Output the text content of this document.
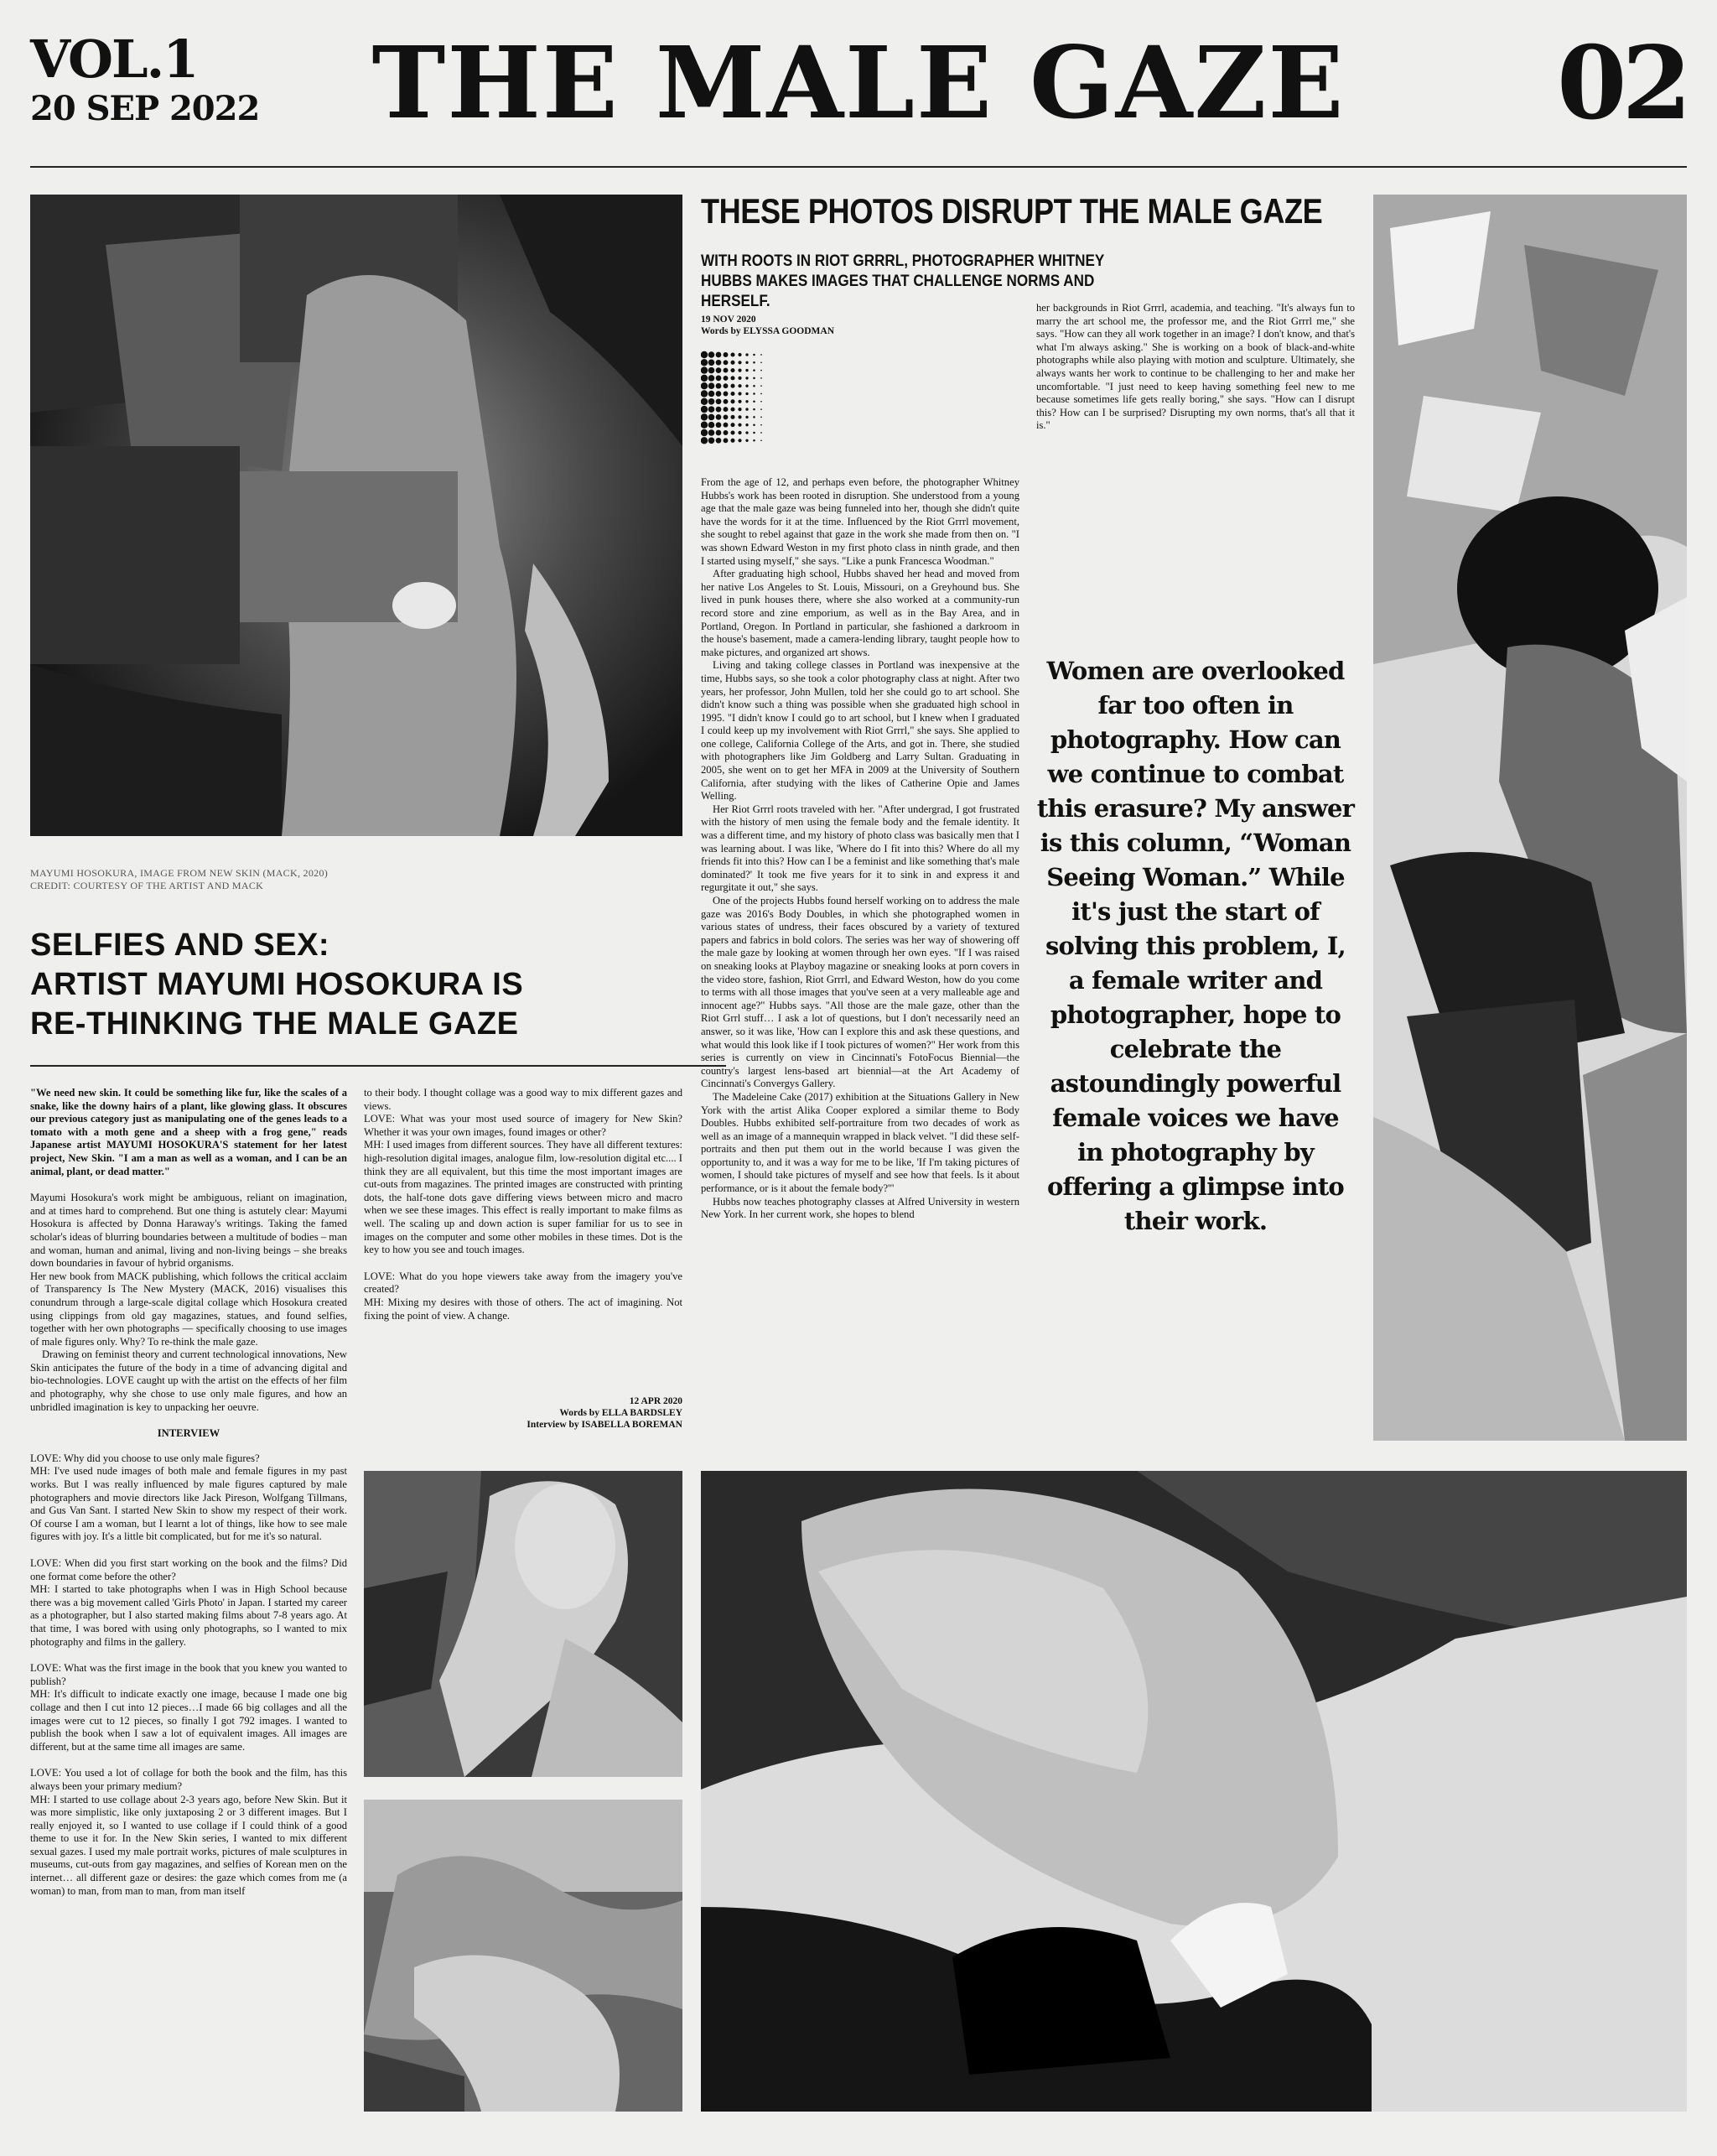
VOL.1
20 SEP 2022	THE MALE GAZE	02
MAYUMI HOSOKURA, IMAGE FROM NEW SKIN (MACK, 2020)
CREDIT: COURTESY OF THE ARTIST AND MACK
SELFIES AND SEX:
ARTIST MAYUMI HOSOKURA IS
RE-THINKING THE MALE GAZE

"We need new skin. It could be something like fur, like the scales of a snake, like the downy hairs of a plant, like glowing glass. It obscures our previous category just as manipulating one of the genes leads to a tomato with a moth gene and a sheep with a frog gene," reads Japanese artist MAYUMI HOSOKURA'S statement for her latest project, New Skin. "I am a man as well as a woman, and I can be an animal, plant, or dead matter."

Mayumi Hosokura's work might be ambiguous, reliant on imagination, and at times hard to comprehend. But one thing is astutely clear: Mayumi Hosokura is affected by Donna Haraway's writings. Taking the famed scholar's ideas of blurring boundaries between a multitude of bodies – man and woman, human and animal, living and non-living beings – she breaks down boundaries in favour of hybrid organisms.

Her new book from MACK publishing, which follows the critical acclaim of Transparency Is The New Mystery (MACK, 2016) visualises this conundrum through a large-scale digital collage which Hosokura created using clippings from old gay magazines, statues, and found selfies, together with her own photographs — specifically choosing to use images of male figures only. Why? To re-think the male gaze.

Drawing on feminist theory and current technological innovations, New Skin anticipates the future of the body in a time of advancing digital and bio-technologies. LOVE caught up with the artist on the effects of her film and photography, why she chose to use only male figures, and how an unbridled imagination is key to unpacking her oeuvre.

INTERVIEW

LOVE: Why did you choose to use only male figures?
MH: I've used nude images of both male and female figures in my past works. But I was really influenced by male figures captured by male photographers and movie directors like Jack Pireson, Wolfgang Tillmans, and Gus Van Sant. I started New Skin to show my respect of their work. Of course I am a woman, but I learnt a lot of things, like how to see male figures with joy. It's a little bit complicated, but for me it's so natural.

LOVE: When did you first start working on the book and the films? Did one format come before the other?
MH: I started to take photographs when I was in High School because there was a big movement called 'Girls Photo' in Japan. I started my career as a photographer, but I also started making films about 7-8 years ago. At that time, I was bored with using only photographs, so I wanted to mix photography and films in the gallery.

LOVE: What was the first image in the book that you knew you wanted to publish?
MH: It's difficult to indicate exactly one image, because I made one big collage and then I cut into 12 pieces…I made 66 big collages and all the images were cut to 12 pieces, so finally I got 792 images. I wanted to publish the book when I saw a lot of equivalent images. All images are different, but at the same time all images are same.

LOVE: You used a lot of collage for both the book and the film, has this always been your primary medium?
MH: I started to use collage about 2-3 years ago, before New Skin. But it was more simplistic, like only juxtaposing 2 or 3 different images. But I really enjoyed it, so I wanted to use collage if I could think of a good theme to use it for. In the New Skin series, I wanted to mix different sexual gazes. I used my male portrait works, pictures of male sculptures in museums, cut-outs from gay magazines, and selfies of Korean men on the internet… all different gaze or desires: the gaze which comes from me (a woman) to man, from man to man, from man itself

to their body. I thought collage was a good way to mix different gazes and views.
LOVE: What was your most used source of imagery for New Skin? Whether it was your own images, found images or other?
MH: I used images from different sources. They have all different textures: high-resolution digital images, analogue film, low-resolution digital etc.... I think they are all equivalent, but this time the most important images are cut-outs from magazines. The printed images are constructed with printing dots, the half-tone dots gave differing views between micro and macro when we see these images. This effect is really important to make films as well. The scaling up and down action is super familiar for us to see in images on the computer and some other mobiles in these times. Dot is the key to how you see and touch images.

LOVE: What do you hope viewers take away from the imagery you've created?
MH: Mixing my desires with those of others. The act of imagining. Not fixing the point of view. A change.

12 APR 2020
Words by ELLA BARDSLEY
Interview by ISABELLA BOREMAN
THESE PHOTOS DISRUPT THE MALE GAZE
WITH ROOTS IN RIOT GRRRL, PHOTOGRAPHER WHITNEY HUBBS MAKES IMAGES THAT CHALLENGE NORMS AND HERSELF.
19 NOV 2020
Words by ELYSSA GOODMAN

From the age of 12, and perhaps even before, the photographer Whitney Hubbs's work has been rooted in disruption. She understood from a young age that the male gaze was being funneled into her, though she didn't quite have the words for it at the time. Influenced by the Riot Grrrl movement, she sought to rebel against that gaze in the work she made from then on. "I was shown Edward Weston in my first photo class in ninth grade, and then I started using myself," she says. "Like a punk Francesca Woodman."

After graduating high school, Hubbs shaved her head and moved from her native Los Angeles to St. Louis, Missouri, on a Greyhound bus. She lived in punk houses there, where she also worked at a community-run record store and zine emporium, as well as in the Bay Area, and in Portland, Oregon. In Portland in particular, she fashioned a darkroom in the house's basement, made a camera-lending library, taught people how to make pictures, and organized art shows.

Living and taking college classes in Portland was inexpensive at the time, Hubbs says, so she took a color photography class at night. After two years, her professor, John Mullen, told her she could go to art school. She didn't know such a thing was possible when she graduated high school in 1995. "I didn't know I could go to art school, but I knew when I graduated I could keep up my involvement with Riot Grrrl," she says. She applied to one college, California College of the Arts, and got in. There, she studied with photographers like Jim Goldberg and Larry Sultan. Graduating in 2005, she went on to get her MFA in 2009 at the University of Southern California, after studying with the likes of Catherine Opie and James Welling.

Her Riot Grrrl roots traveled with her. "After undergrad, I got frustrated with the history of men using the female body and the female identity. It was a different time, and my history of photo class was basically men that I was learning about. I was like, 'Where do I fit into this? Where do all my friends fit into this? How can I be a feminist and like something that's male dominated?' It took me five years for it to sink in and express it and regurgitate it out," she says.

One of the projects Hubbs found herself working on to address the male gaze was 2016's Body Doubles, in which she photographed women in various states of undress, their faces obscured by a variety of textured papers and fabrics in bold colors. The series was her way of showering off the male gaze by looking at women through her own eyes. "If I was raised on sneaking looks at Playboy magazine or sneaking looks at porn covers in the video store, fashion, Riot Grrrl, and Edward Weston, how do you come to terms with all those images that you've seen at a very malleable age and innocent age?" Hubbs says. "All those are the male gaze, other than the Riot Grrl stuff… I ask a lot of questions, but I don't necessarily need an answer, so it was like, 'How can I explore this and ask these questions, and what would this look like if I took pictures of women?" Her work from this series is currently on view in Cincinnati's FotoFocus Biennial—the country's largest lens-based art biennial—at the Art Academy of Cincinnati's Convergys Gallery.

The Madeleine Cake (2017) exhibition at the Situations Gallery in New York with the artist Alika Cooper explored a similar theme to Body Doubles. Hubbs exhibited self-portraiture from two decades of work as well as an image of a mannequin wrapped in black velvet. "I did these self-portraits and then put them out in the world because I was given the opportunity to, and it was a way for me to be like, 'If I'm taking pictures of women, I should take pictures of myself and see how that feels. Is it about performance, or is it about the female body?'"

Hubbs now teaches photography classes at Alfred University in western New York. In her current work, she hopes to blend

her backgrounds in Riot Grrrl, academia, and teaching. "It's always fun to marry the art school me, the professor me, and the Riot Grrrl me," she says. "How can they all work together in an image? I don't know, and that's what I'm always asking." She is working on a book of black-and-white photographs while also playing with motion and sculpture. Ultimately, she always wants her work to continue to be challenging to her and make her uncomfortable. "I just need to keep having something feel new to me because sometimes life gets really boring," she says. "How can I disrupt this? How can I be surprised? Disrupting my own norms, that's all that it is."

Women are overlooked far too often in photography. How can we continue to combat this erasure? My answer is this column, “Woman Seeing Woman.” While it's just the start of solving this problem, I, a female writer and photographer, hope to celebrate the astoundingly powerful female voices we have in photography by offering a glimpse into their work.
